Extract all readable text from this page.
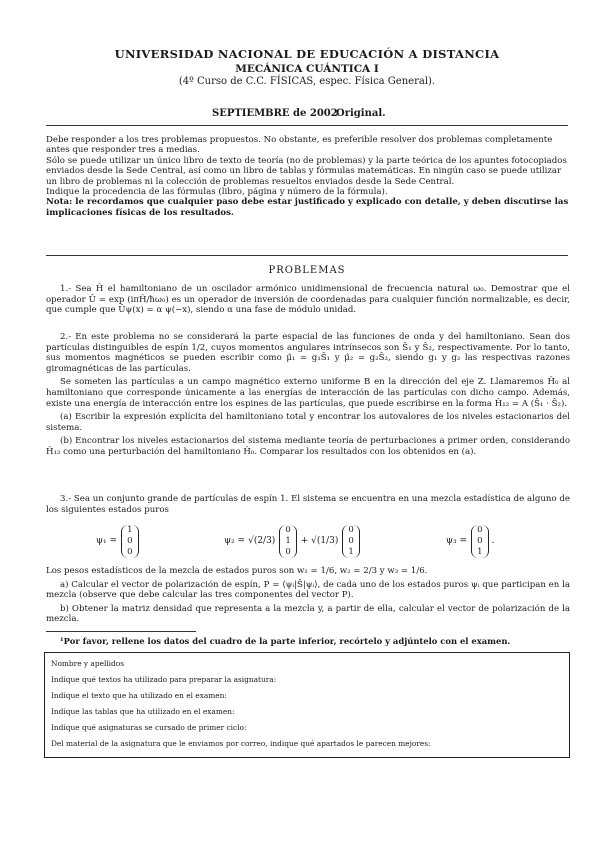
UNIVERSIDAD NACIONAL DE EDUCACIÓN A DISTANCIA
MECÁNICA CUÁNTICA I
(4º Curso de C.C. FÍSICAS, espec. Física General).
SEPTIEMBRE de 2002
Original.

Debe responder a los tres problemas propuestos. No obstante, es preferible resolver dos problemas completamente antes que responder tres a medias.

Sólo se puede utilizar un único libro de texto de teoría (no de problemas) y la parte teórica de los apuntes fotocopiados enviados desde la Sede Central, así como un libro de tablas y fórmulas matemáticas. En ningún caso se puede utilizar un libro de problemas ni la colección de problemas resueltos enviados desde la Sede Central.

Indique la procedencia de las fórmulas (libro, página y número de la fórmula).

Nota: le recordamos que cualquier paso debe estar justificado y explicado con detalle, y deben discutirse las implicaciones físicas de los resultados.

PROBLEMAS

1.- Sea Ĥ el hamiltoniano de un oscilador armónico unidimensional de frecuencia natural ω₀. Demostrar que el operador Û = exp (iπĤ/ħω₀) es un operador de inversión de coordenadas para cualquier función normalizable, es decir, que cumple que Ûψ(x) = α ψ(−x), siendo α una fase de módulo unidad.

2.- En este problema no se considerará la parte espacial de las funciones de onda y del hamiltoniano. Sean dos partículas distinguibles de espín 1/2, cuyos momentos angulares intrínsecos son Ŝ₁ y Ŝ₂, respectivamente. Por lo tanto, sus momentos magnéticos se pueden escribir como μ̂₁ = g₁Ŝ₁ y μ̂₂ = g₂Ŝ₂, siendo g₁ y g₂ las respectivas razones giromagnéticas de las partículas.

Se someten las partículas a un campo magnético externo uniforme B en la dirección del eje Z. Llamaremos Ĥ₀ al hamiltoniano que corresponde únicamente a las energías de interacción de las partículas con dicho campo. Además, existe una energía de interacción entre los espines de las partículas, que puede escribirse en la forma Ĥ₁₂ = A (Ŝ₁ · Ŝ₂).

(a) Escribir la expresión explícita del hamiltoniano total y encontrar los autovalores de los niveles estacionarios del sistema.

(b) Encontrar los niveles estacionarios del sistema mediante teoría de perturbaciones a primer orden, considerando Ĥ₁₂ como una perturbación del hamiltoniano Ĥ₀. Comparar los resultados con los obtenidos en (a).

3.- Sea un conjunto grande de partículas de espín 1. El sistema se encuentra en una mezcla estadística de alguno de los siguientes estados puros

ψ₁ =
1
0
0
ψ₂ = √(2/3)
0
1
0
+ √(1/3)
0
0
1
ψ₃ =
0
0
1
.

Los pesos estadísticos de la mezcla de estados puros son w₁ = 1/6, w₂ = 2/3 y w₃ = 1/6.

a) Calcular el vector de polarización de espín, P = ⟨ψᵢ|Ŝ|ψᵢ⟩, de cada uno de los estados puros ψᵢ que participan en la mezcla (observe que debe calcular las tres componentes del vector P).

b) Obtener la matriz densidad que representa a la mezcla y, a partir de ella, calcular el vector de polarización de la mezcla.

¹Por favor, rellene los datos del cuadro de la parte inferior, recórtelo y adjúntelo con el examen.
Nombre y apellidos
Indique qué textos ha utilizado para preparar la asignatura:
Indique el texto que ha utilizado en el examen:
Indique las tablas que ha utilizado en el examen:
Indique qué asignaturas se cursado de primer ciclo:
Del material de la asignatura que le enviamos por correo, indique qué apartados le parecen mejores:
